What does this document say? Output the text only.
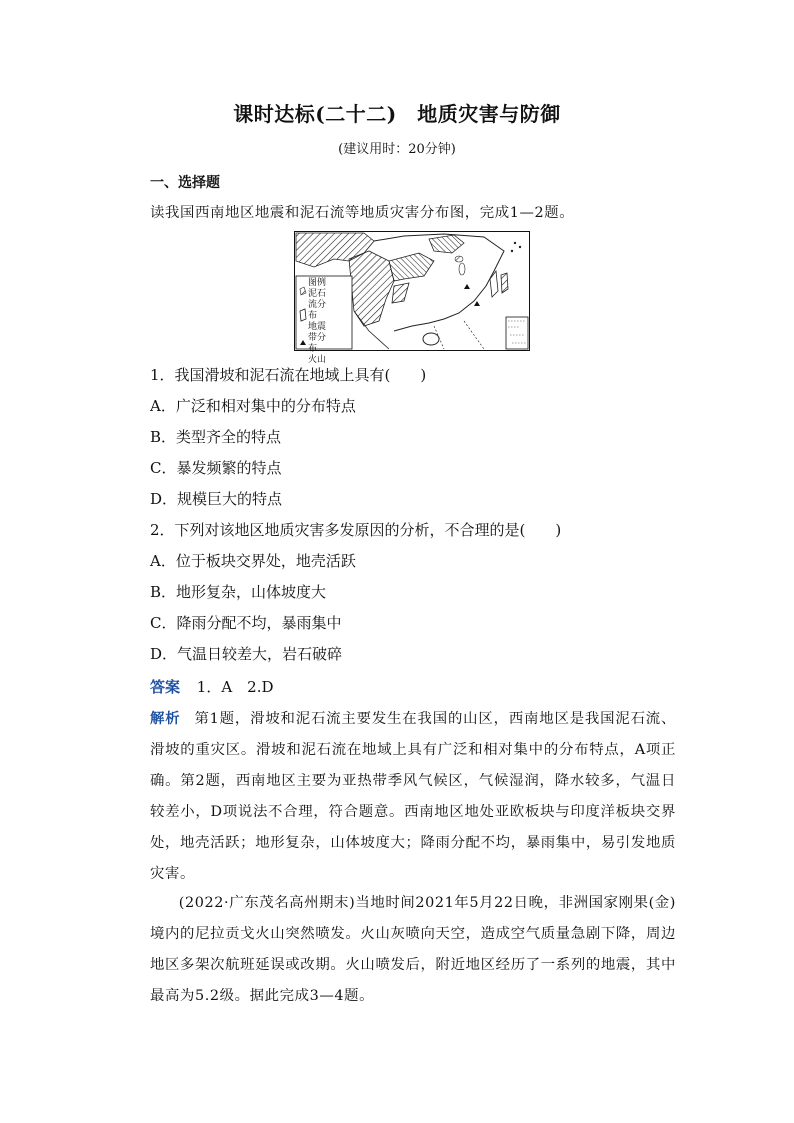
课时达标(二十二)　地质灾害与防御
(建议用时：20分钟)
一、选择题
读我国西南地区地震和泥石流等地质灾害分布图，完成1—2题。
图例
泥石流分布
地震带分布
火山
1．我国滑坡和泥石流在地域上具有(　　)
A．广泛和相对集中的分布特点
B．类型齐全的特点
C．暴发频繁的特点
D．规模巨大的特点
2．下列对该地区地质灾害多发原因的分析，不合理的是(　　)
A．位于板块交界处，地壳活跃
B．地形复杂，山体坡度大
C．降雨分配不均，暴雨集中
D．气温日较差大，岩石破碎
答案 1．A　2.D
解析 第1题，滑坡和泥石流主要发生在我国的山区，西南地区是我国泥石流、滑坡的重灾区。滑坡和泥石流在地域上具有广泛和相对集中的分布特点，A项正确。第2题，西南地区主要为亚热带季风气候区，气候湿润，降水较多，气温日较差小，D项说法不合理，符合题意。西南地区地处亚欧板块与印度洋板块交界处，地壳活跃；地形复杂，山体坡度大；降雨分配不均，暴雨集中，易引发地质灾害。
(2022·广东茂名高州期末)当地时间2021年5月22日晚，非洲国家刚果(金)境内的尼拉贡戈火山突然喷发。火山灰喷向天空，造成空气质量急剧下降，周边地区多架次航班延误或改期。火山喷发后，附近地区经历了一系列的地震，其中最高为5.2级。据此完成3—4题。
